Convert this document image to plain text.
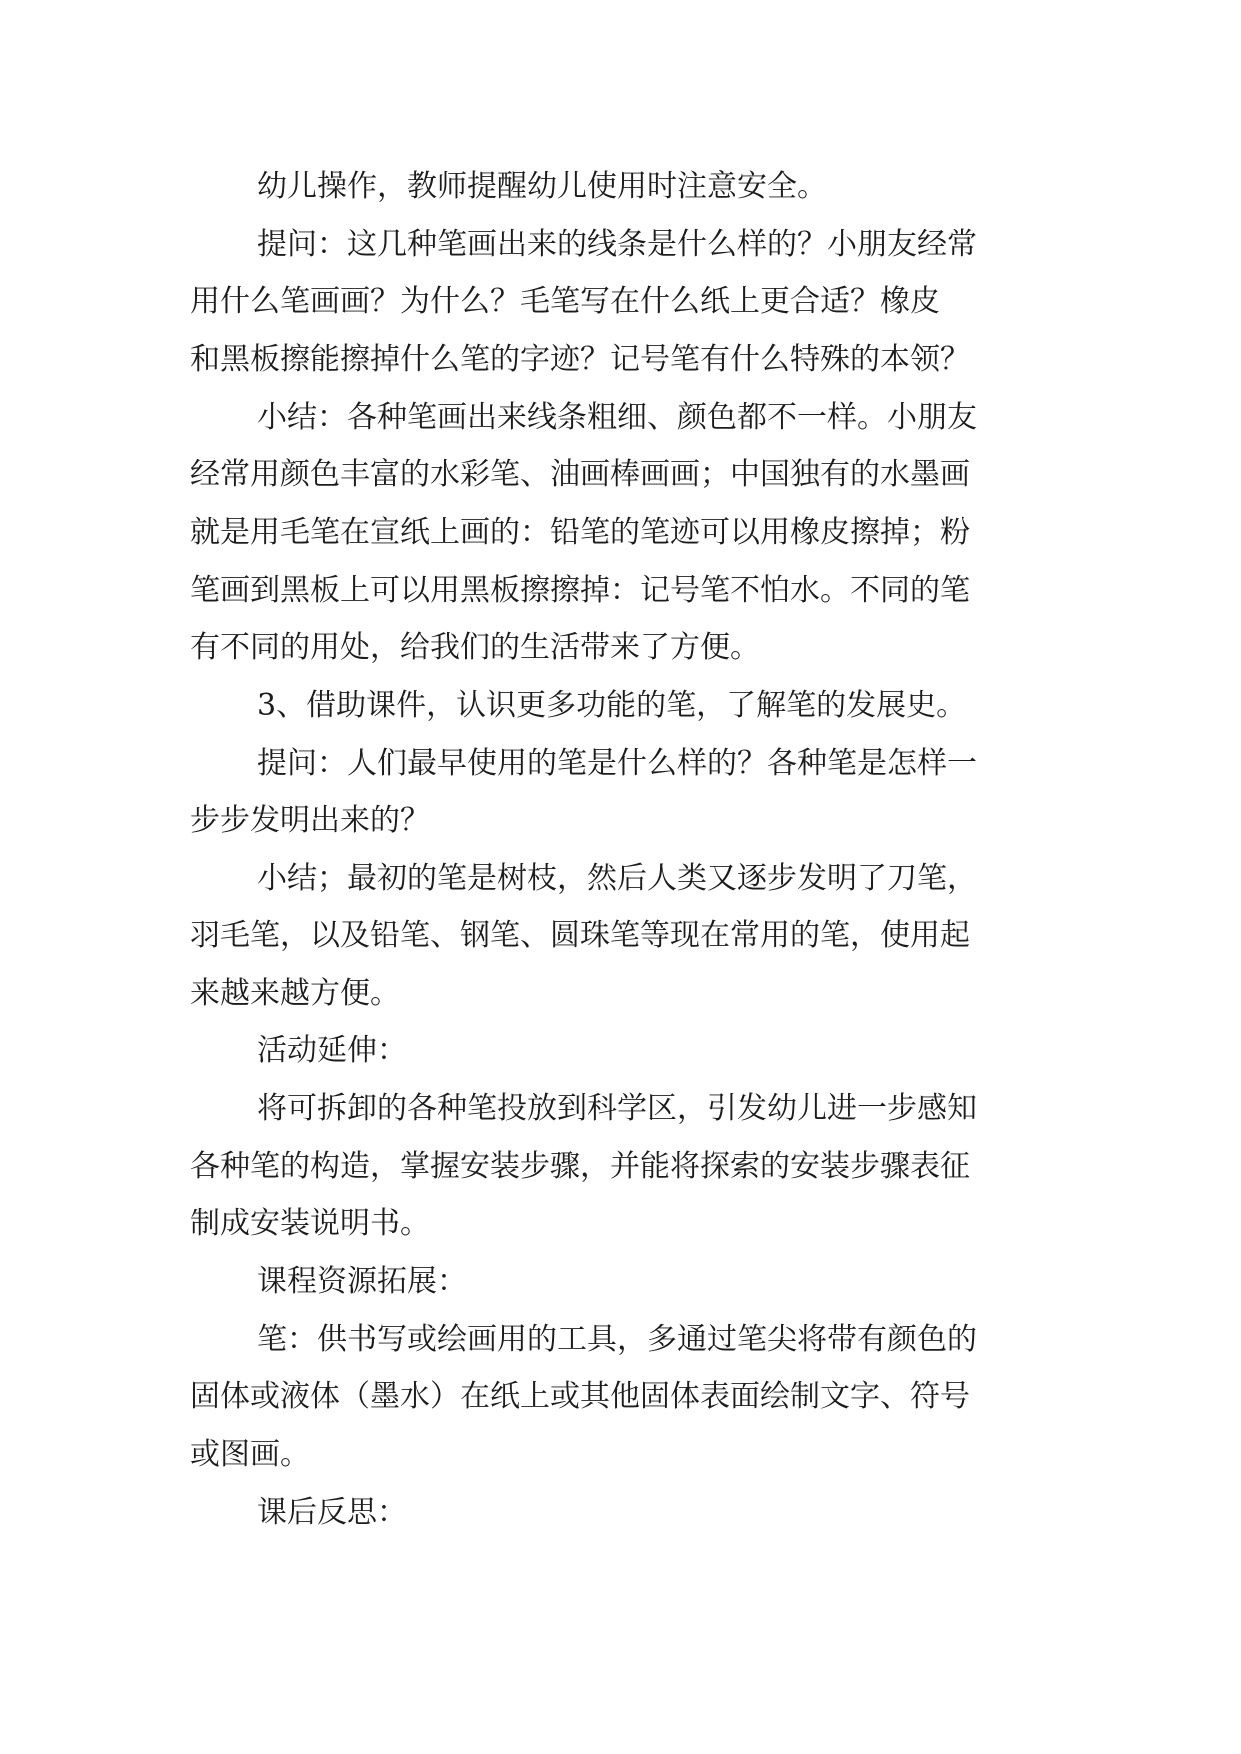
幼儿操作，教师提醒幼儿使用时注意安全。
提问：这几种笔画出来的线条是什么样的？小朋友经常
用什么笔画画？为什么？毛笔写在什么纸上更合适？橡皮
和黑板擦能擦掉什么笔的字迹？记号笔有什么特殊的本领？
小结：各种笔画出来线条粗细、颜色都不一样。小朋友
经常用颜色丰富的水彩笔、油画棒画画；中国独有的水墨画
就是用毛笔在宣纸上画的：铅笔的笔迹可以用橡皮擦掉；粉
笔画到黑板上可以用黑板擦擦掉：记号笔不怕水。不同的笔
有不同的用处，给我们的生活带来了方便。
3、借助课件，认识更多功能的笔，了解笔的发展史。
提问：人们最早使用的笔是什么样的？各种笔是怎样一
步步发明出来的？
小结；最初的笔是树枝，然后人类又逐步发明了刀笔，
羽毛笔，以及铅笔、钢笔、圆珠笔等现在常用的笔，使用起
来越来越方便。
活动延伸：
将可拆卸的各种笔投放到科学区，引发幼儿进一步感知
各种笔的构造，掌握安装步骤，并能将探索的安装步骤表征
制成安装说明书。
课程资源拓展：
笔：供书写或绘画用的工具，多通过笔尖将带有颜色的
固体或液体（墨水）在纸上或其他固体表面绘制文字、符号
或图画。
课后反思：
